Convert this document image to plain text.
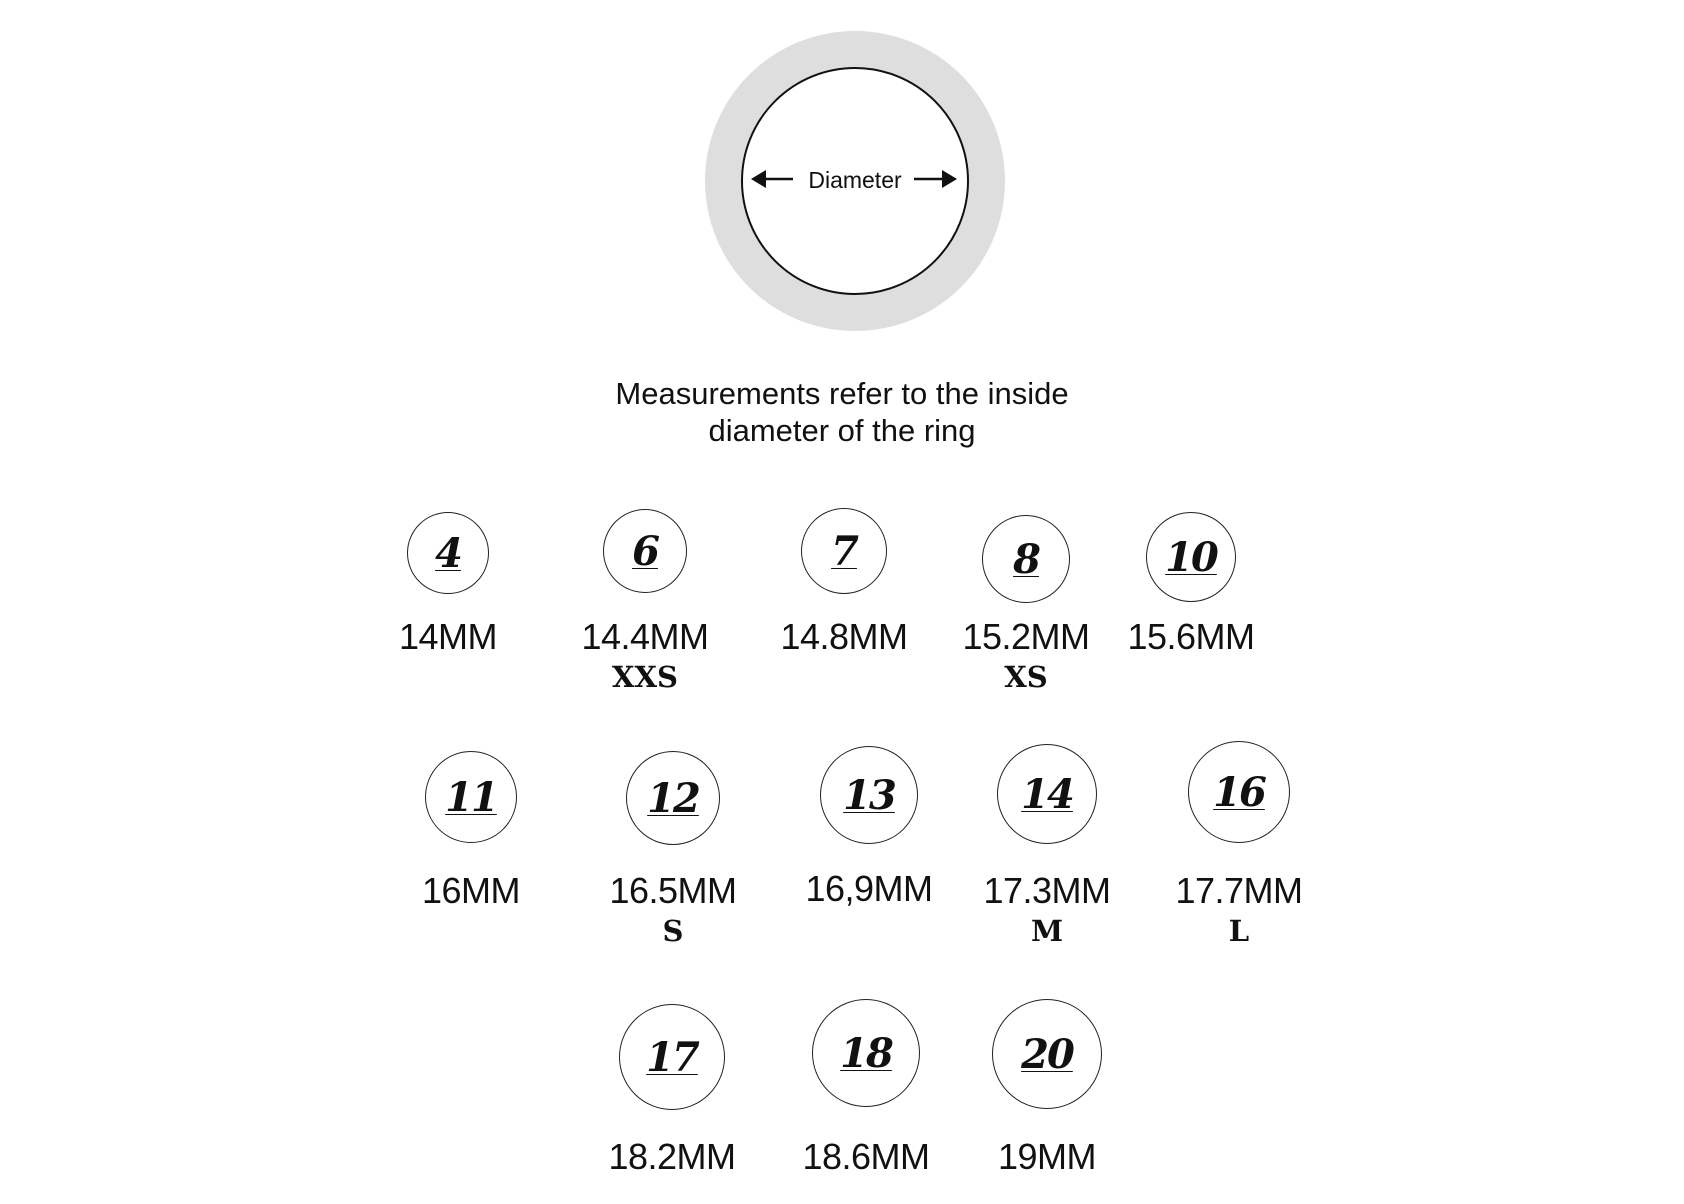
Diameter
Measurements refer to the inside
diameter of the ring
4
14MM
6
14.4MM
XXS
7
14.8MM
8
15.2MM
XS
10
15.6MM
11
16MM
12
16.5MM
S
13
16,9MM
14
17.3MM
M
16
17.7MM
L
17
18.2MM
18
18.6MM
20
19MM
